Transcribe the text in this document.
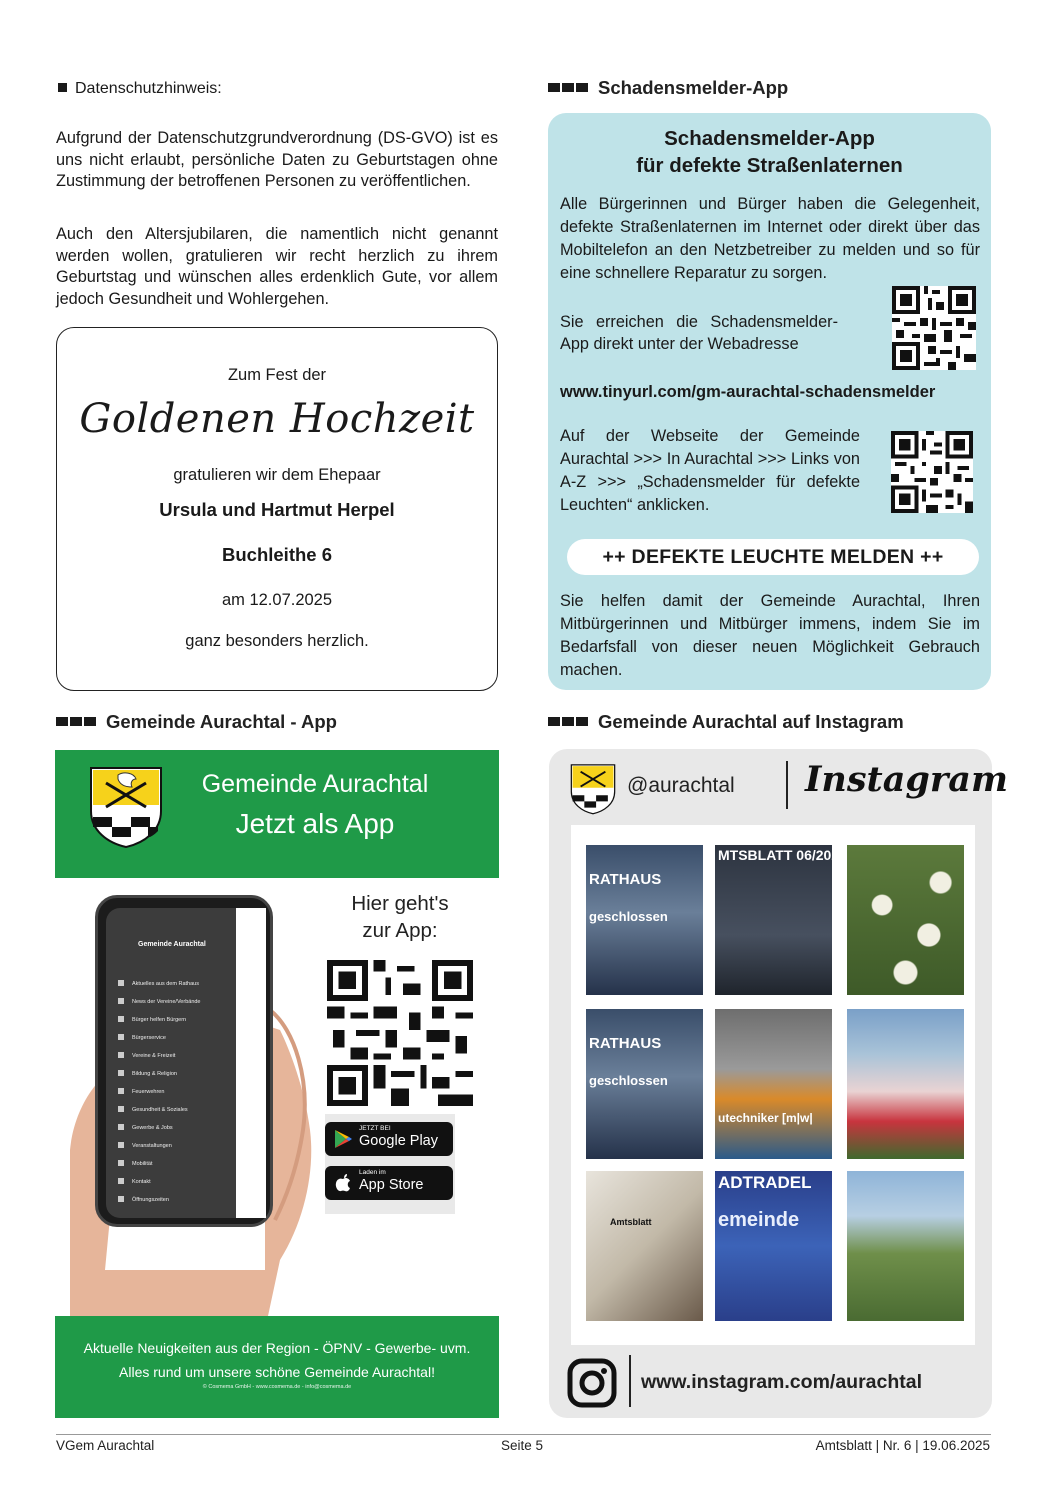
Datenschutzhinweis:
Aufgrund der Datenschutzgrundverordnung (DS-GVO) ist es uns nicht erlaubt, persönliche Daten zu Geburtstagen ohne Zustimmung der betroffenen Personen zu veröffentlichen.
Auch den Altersjubilaren, die namentlich nicht genannt werden wollen, gratulieren wir recht herzlich zu ihrem Geburtstag und wünschen alles erdenklich Gute, vor allem jedoch Gesundheit und Wohlergehen.
Zum Fest der
Goldenen Hochzeit
gratulieren wir dem Ehepaar
Ursula und Hartmut Herpel
Buchleithe 6
am 12.07.2025
ganz besonders herzlich.
Schadensmelder-App
Gemeinde Aurachtal - App	Gemeinde Aurachtal auf Instagram
Schadensmelder-App
für defekte Straßenlaternen
Alle Bürgerinnen und Bürger haben die Gelegenheit, defekte Straßenlaternen im Internet oder direkt über das Mobiltelefon an den Netzbetreiber zu melden und so für eine schnellere Reparatur zu sorgen.
Sie erreichen die Schadensmelder-App direkt unter der Webadresse
www.tinyurl.com/gm-aurachtal-schadensmelder
Auf der Webseite der Gemeinde Aurachtal >>> In Aurachtal >>> Links von A-Z >>> „Schadensmelder für defekte Leuchten“ anklicken.
++ DEFEKTE LEUCHTE MELDEN ++
Sie helfen damit der Gemeinde Aurachtal, Ihren Mitbürgerinnen und Mitbürger immens, indem Sie im Bedarfsfall von dieser neuen Möglichkeit Gebrauch machen.
Gemeinde Aurachtal
Jetzt als App
Gemeinde Aurachtal
Aktuelles aus dem Rathaus
News der Vereine/Verbände
Bürger helfen Bürgern
Bürgerservice
Vereine & Freizeit
Bildung & Religion
Feuerwehren
Gesundheit & Soziales
Gewerbe & Jobs
Veranstaltungen
Mobilität
Kontakt
Öffnungszeiten
Hier geht's
zur App:
JETZT BEI
Google Play
Laden im
App Store
Aktuelle Neuigkeiten aus der Region - ÖPNV - Gewerbe- uvm.
Alles rund um unsere schöne Gemeinde Aurachtal!
© Cosmema GmbH - www.cosmema.de - info@cosmema.de
@aurachtal Instagram
RATHAUS
geschlossen
MTSBLATT 06/2025
RATHAUS
geschlossen
utechniker [m|w|
Amtsblatt
ADTRADEL
emeinde
www.instagram.com/aurachtal
VGem Aurachtal	Seite 5	Amtsblatt | Nr. 6 | 19.06.2025
